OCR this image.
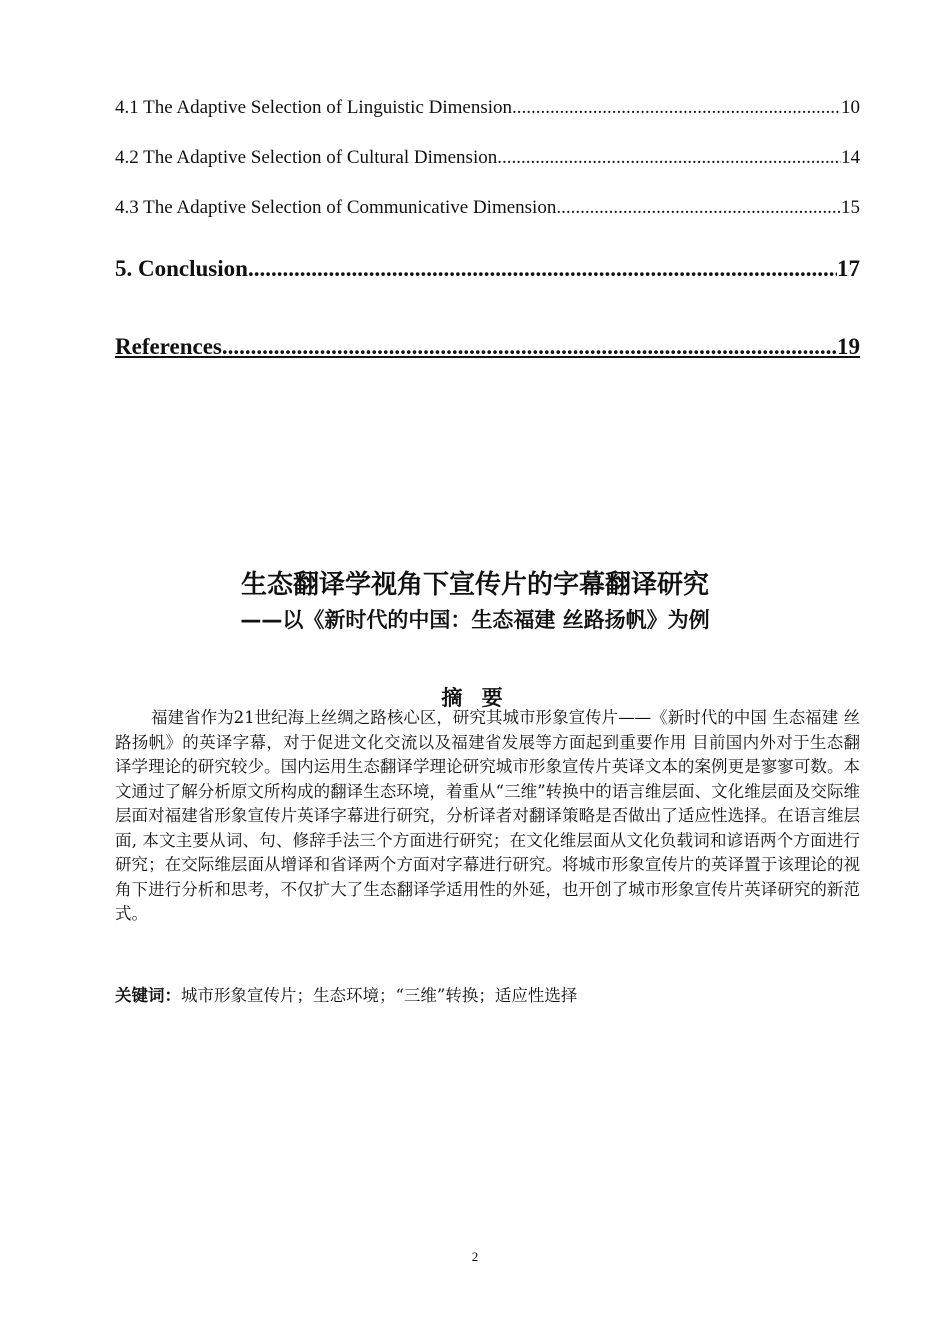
4.1 The Adaptive Selection of Linguistic Dimension .....	10
4.2 The Adaptive Selection of Cultural Dimension .....	14
4.3 The Adaptive Selection of Communicative Dimension .....	15
5. Conclusion .....	17
References .....	19
生态翻译学视角下宣传片的字幕翻译研究
——以《新时代的中国：生态福建 丝路扬帆》为例
摘 要

福建省作为21世纪海上丝绸之路核心区，研究其城市形象宣传片——《新时代的中国 生态福建 丝路扬帆》的英译字幕，对于促进文化交流以及福建省发展等方面起到重要作用 目前国内外对于生态翻译学理论的研究较少。国内运用生态翻译学理论研究城市形象宣传片英译文本的案例更是寥寥可数。本文通过了解分析原文所构成的翻译生态环境，着重从“三维”转换中的语言维层面、文化维层面及交际维层面对福建省形象宣传片英译字幕进行研究，分析译者对翻译策略是否做出了适应性选择。在语言维层面, 本文主要从词、句、修辞手法三个方面进行研究；在文化维层面从文化负载词和谚语两个方面进行研究；在交际维层面从增译和省译两个方面对字幕进行研究。将城市形象宣传片的英译置于该理论的视角下进行分析和思考，不仅扩大了生态翻译学适用性的外延，也开创了城市形象宣传片英译研究的新范式。

关键词：城市形象宣传片；生态环境；“三维”转换；适应性选择
2
